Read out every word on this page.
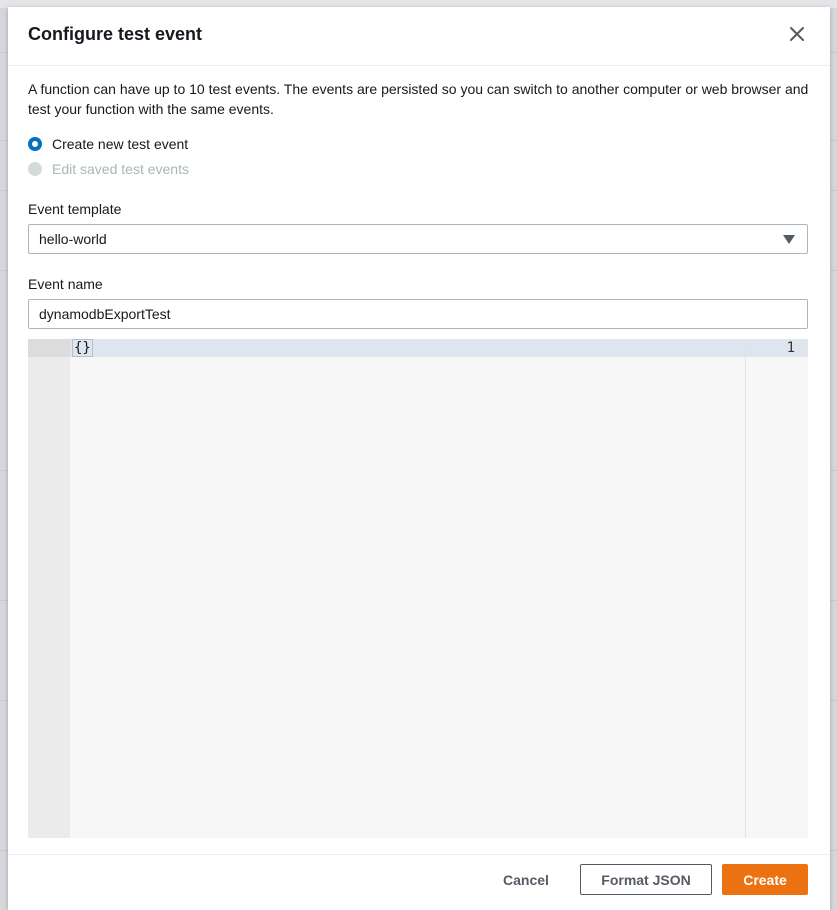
Configure test event
A function can have up to 10 test events. The events are persisted so you can switch to another computer or web browser and test your function with the same events.
Create new test event
Edit saved test events
Event template
hello-world
Event name
dynamodbExportTest
1
{}
Cancel	Format JSON	Create
